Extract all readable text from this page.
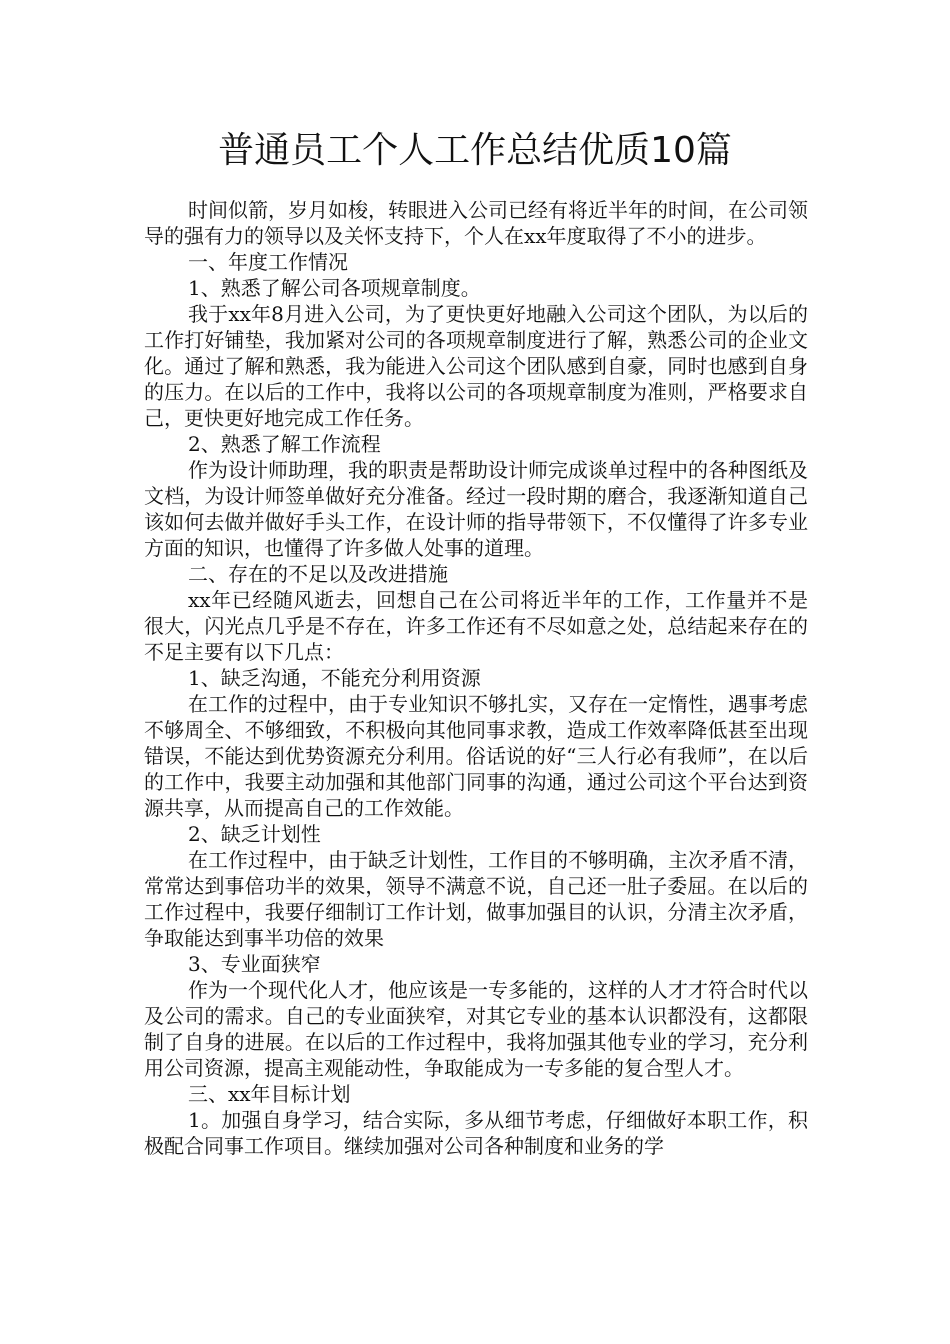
普通员工个人工作总结优质10篇

时间似箭，岁月如梭，转眼进入公司已经有将近半年的时间，在公司领导的强有力的领导以及关怀支持下，个人在xx年度取得了不小的进步。

一、年度工作情况

1、熟悉了解公司各项规章制度。

我于xx年8月进入公司，为了更快更好地融入公司这个团队，为以后的工作打好铺垫，我加紧对公司的各项规章制度进行了解，熟悉公司的企业文化。通过了解和熟悉，我为能进入公司这个团队感到自豪，同时也感到自身的压力。在以后的工作中，我将以公司的各项规章制度为准则，严格要求自己，更快更好地完成工作任务。

2、熟悉了解工作流程

作为设计师助理，我的职责是帮助设计师完成谈单过程中的各种图纸及文档，为设计师签单做好充分准备。经过一段时期的磨合，我逐渐知道自己该如何去做并做好手头工作，在设计师的指导带领下，不仅懂得了许多专业方面的知识，也懂得了许多做人处事的道理。

二、存在的不足以及改进措施

xx年已经随风逝去，回想自己在公司将近半年的工作，工作量并不是很大，闪光点几乎是不存在，许多工作还有不尽如意之处，总结起来存在的不足主要有以下几点：

1、缺乏沟通，不能充分利用资源

在工作的过程中，由于专业知识不够扎实，又存在一定惰性，遇事考虑不够周全、不够细致，不积极向其他同事求教，造成工作效率降低甚至出现错误，不能达到优势资源充分利用。俗话说的好“三人行必有我师”，在以后的工作中，我要主动加强和其他部门同事的沟通，通过公司这个平台达到资源共享，从而提高自己的工作效能。

2、缺乏计划性

在工作过程中，由于缺乏计划性，工作目的不够明确，主次矛盾不清，常常达到事倍功半的效果，领导不满意不说，自己还一肚子委屈。在以后的工作过程中，我要仔细制订工作计划，做事加强目的认识，分清主次矛盾，争取能达到事半功倍的效果

3、专业面狭窄

作为一个现代化人才，他应该是一专多能的，这样的人才才符合时代以及公司的需求。自己的专业面狭窄，对其它专业的基本认识都没有，这都限制了自身的进展。在以后的工作过程中，我将加强其他专业的学习，充分利用公司资源，提高主观能动性，争取能成为一专多能的复合型人才。

三、xx年目标计划

1。加强自身学习，结合实际，多从细节考虑，仔细做好本职工作，积极配合同事工作项目。继续加强对公司各种制度和业务的学
